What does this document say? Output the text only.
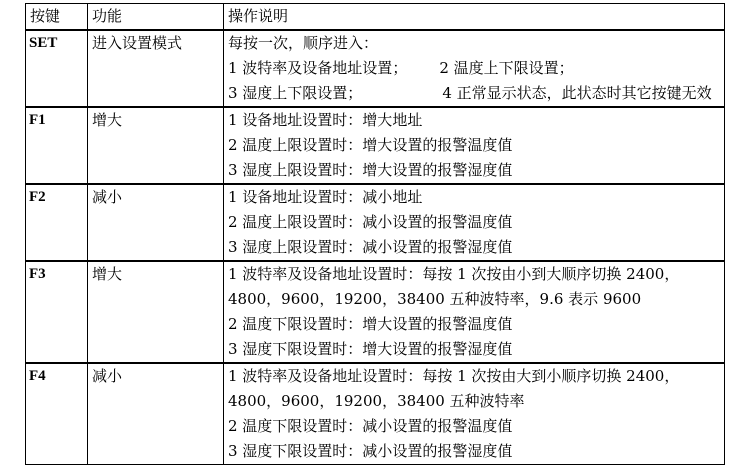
按键	功能	操作说明
SET	进入设置模式	每按一次，顺序进入：
1 波特率及设备地址设置； 2 温度上下限设置；
3 湿度上下限设置； 4 正常显示状态，此状态时其它按键无效

F1	增大	1 设备地址设置时：增大地址
2 温度上限设置时：增大设置的报警温度值
3 湿度上限设置时：增大设置的报警湿度值

F2	减小	1 设备地址设置时：减小地址
2 温度上限设置时：减小设置的报警温度值
3 湿度上限设置时：减小设置的报警湿度值

F3	增大	1 波特率及设备地址设置时：每按 1 次按由小到大顺序切换 2400，
4800，9600，19200，38400 五种波特率，9.6 表示 9600
2 温度下限设置时：增大设置的报警温度值
3 湿度下限设置时：增大设置的报警湿度值

F4	减小	1 波特率及设备地址设置时：每按 1 次按由大到小顺序切换 2400，
4800，9600，19200，38400 五种波特率
2 温度下限设置时：减小设置的报警温度值
3 湿度下限设置时：减小设置的报警湿度值
